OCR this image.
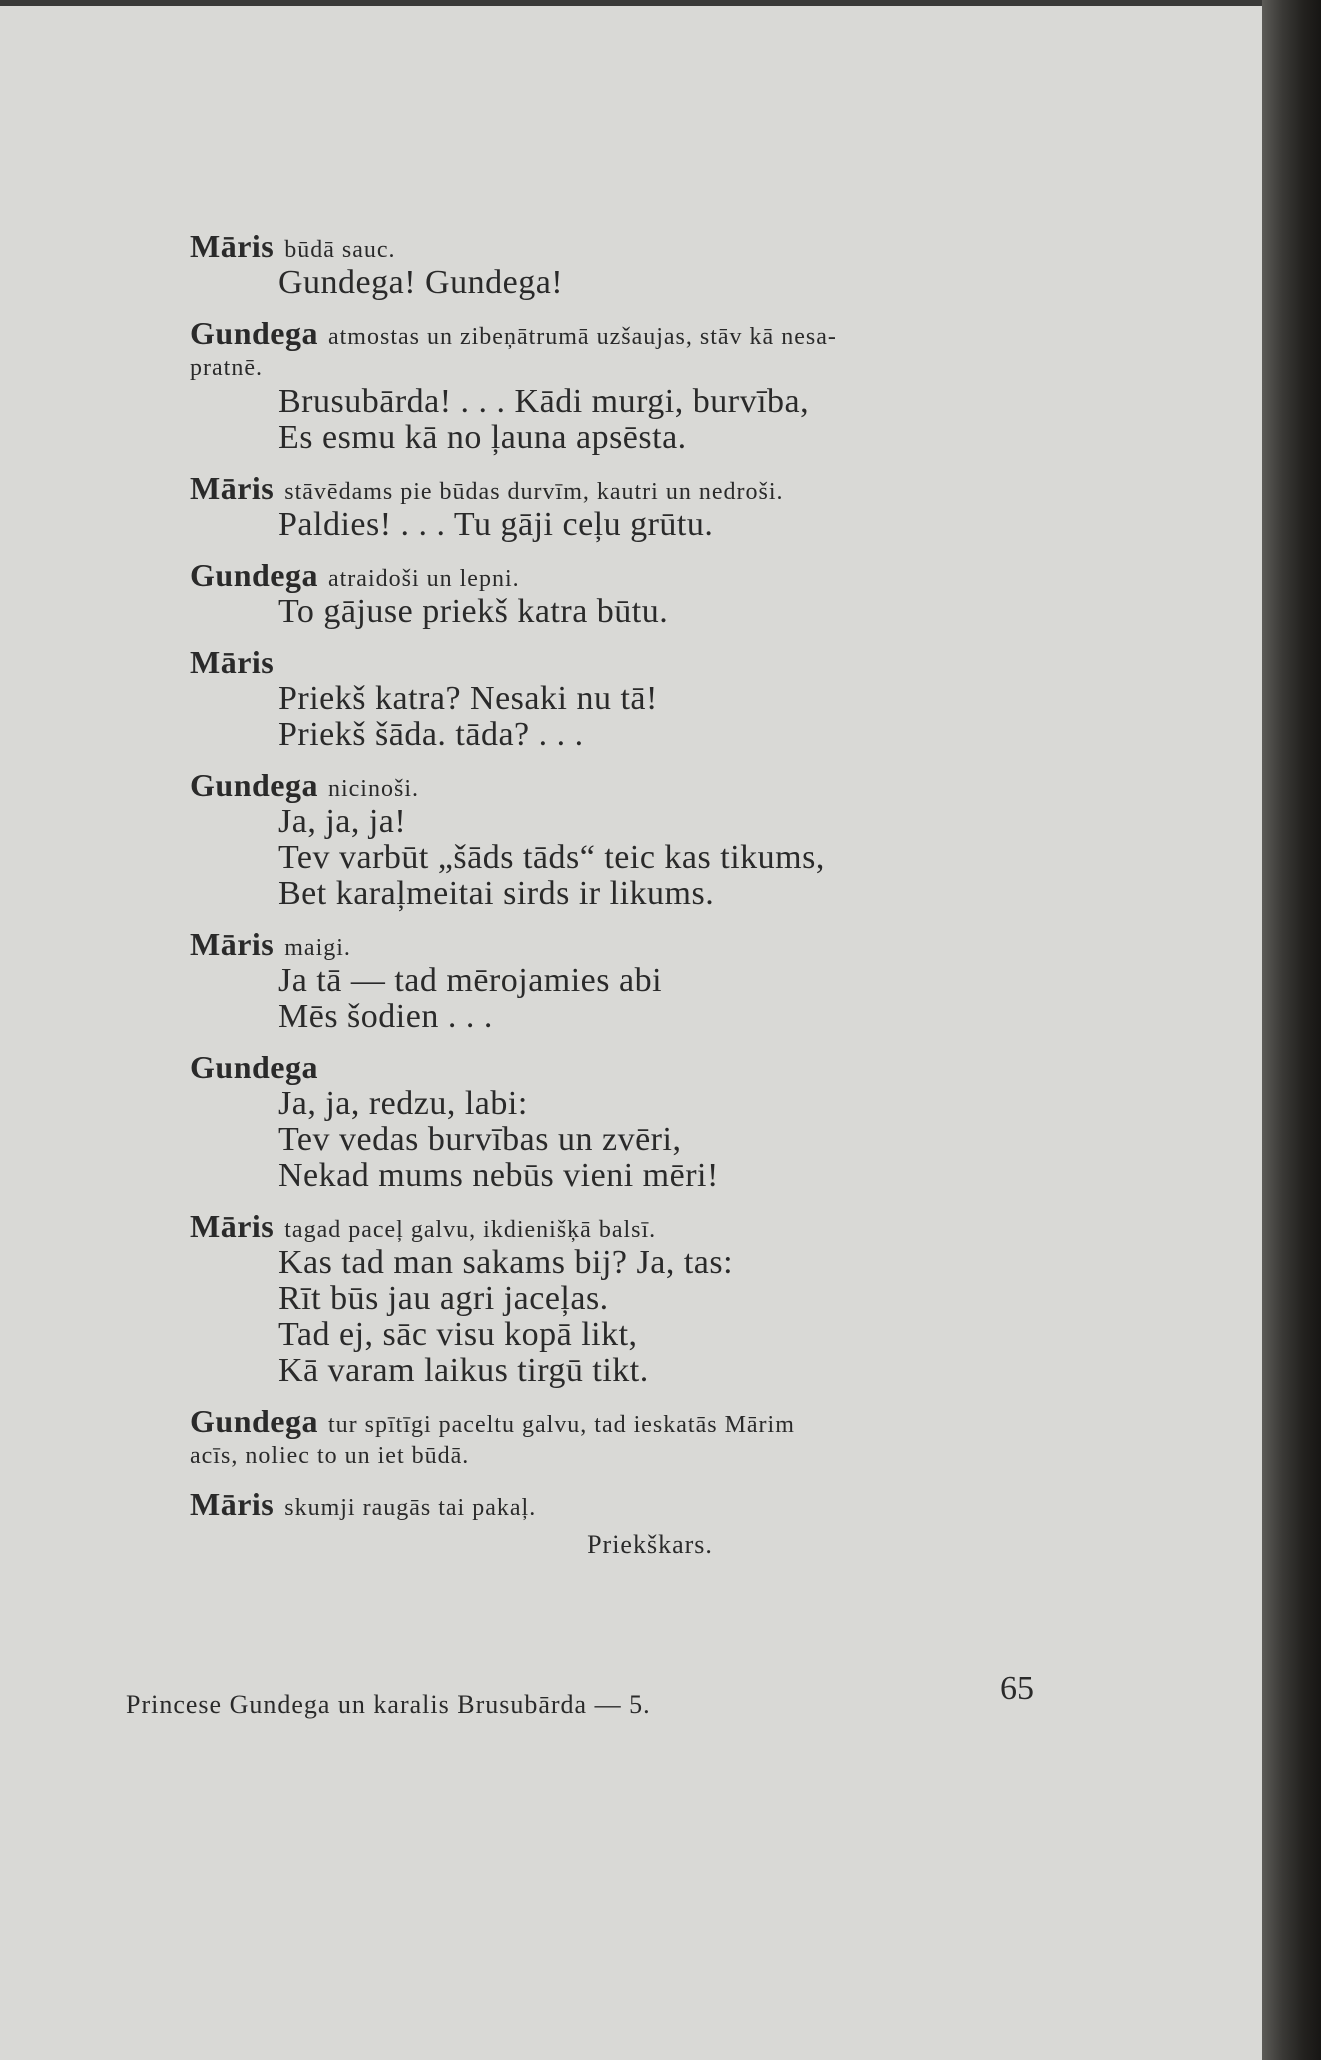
Māris būdā sauc.
Gundega! Gundega!
Gundega atmostas un zibeņātrumā uzšaujas, stāv kā nesa-
pratnē.
Brusubārda! . . . Kādi murgi, burvība,
Es esmu kā no ļauna apsēsta.
Māris stāvēdams pie būdas durvīm, kautri un nedroši.
Paldies! . . . Tu gāji ceļu grūtu.
Gundega atraidoši un lepni.
To gājuse priekš katra būtu.
Māris
Priekš katra? Nesaki nu tā!
Priekš šāda. tāda? . . .
Gundega nicinoši.
Ja, ja, ja!
Tev varbūt „šāds tāds“ teic kas tikums,
Bet karaļmeitai sirds ir likums.
Māris maigi.
Ja tā — tad mērojamies abi
Mēs šodien . . .
Gundega
Ja, ja, redzu, labi:
Tev vedas burvības un zvēri,
Nekad mums nebūs vieni mēri!
Māris tagad paceļ galvu, ikdienišķā balsī.
Kas tad man sakams bij? Ja, tas:
Rīt būs jau agri jaceļas.
Tad ej, sāc visu kopā likt,
Kā varam laikus tirgū tikt.
Gundega tur spītīgi paceltu galvu, tad ieskatās Mārim
acīs, noliec to un iet būdā.
Māris skumji raugās tai pakaļ.
Priekškars.
Princese Gundega un karalis Brusubārda — 5.	65
